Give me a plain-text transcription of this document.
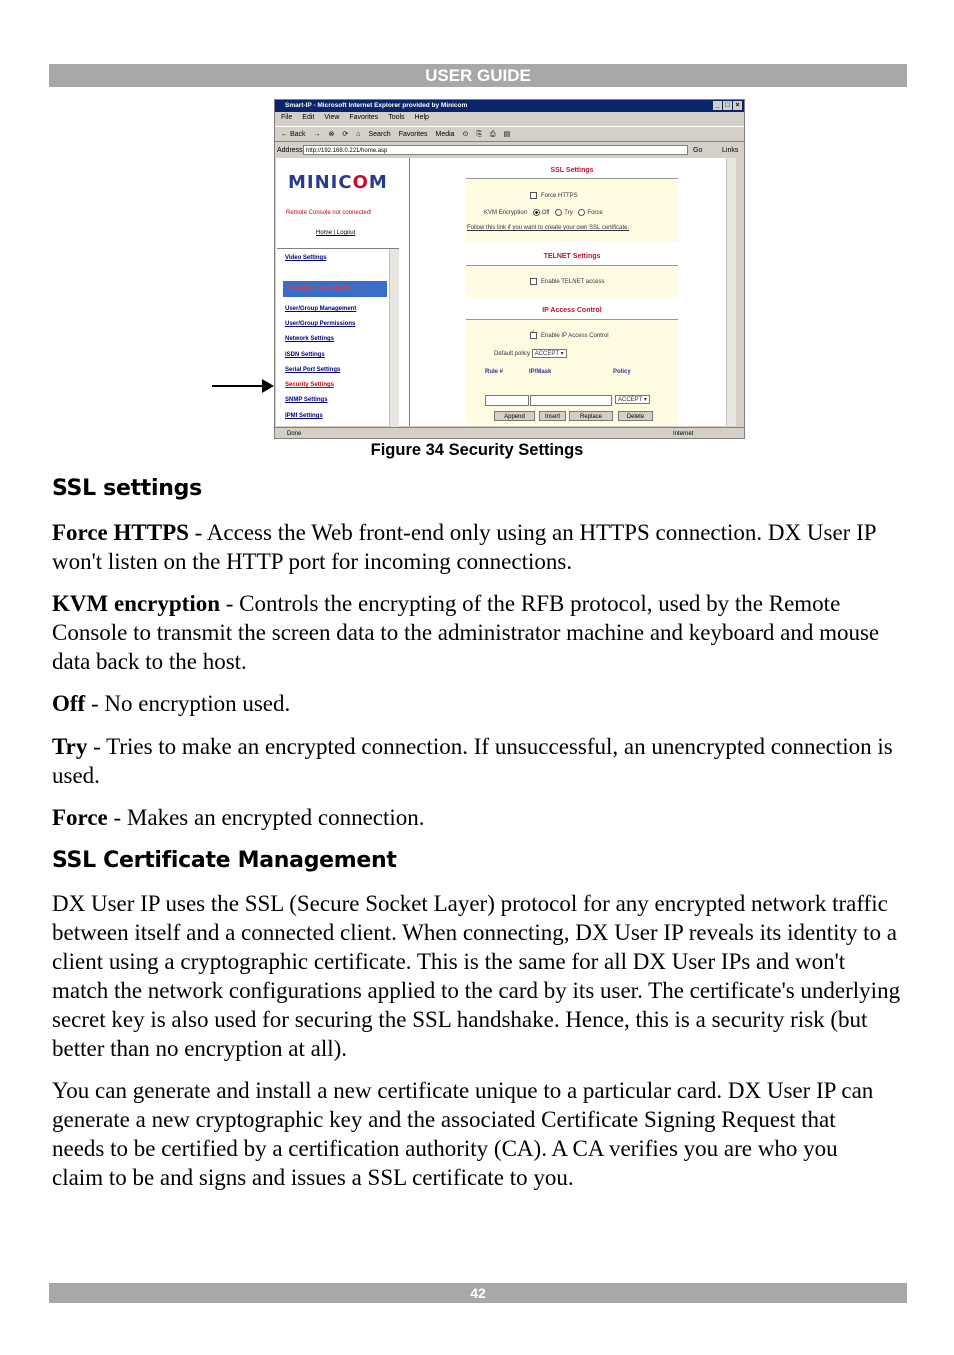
USER GUIDE
Smart-IP - Microsoft Internet Explorer provided by Minicom	_ □ ×
File Edit View Favorites Tools Help
← Back → ⊗ ⟳ ⌂ Search Favorites Media ⊙ ⎘ ⎙ ▤
Address http://192.168.0.221/home.asp	Go	Links
MINICOM
Remote Console not connected!
Home | Logout
Video Settings
Security Administration
User/Group Management
User/Group Permissions
Network Settings
ISDN Settings
Serial Port Settings
Security Settings
SNMP Settings
IPMI Settings
SSL Settings
Force HTTPS
KVM Encryption Off Try Force
Follow this link if you want to create your own SSL certificate.
TELNET Settings
Enable TELNET access
IP Access Control
✓Enable IP Access Control
Default policy ACCEPT ▾
Rule #	IP/Mask	Policy
ACCEPT ▾
Append	Insert	Replace	Delete
Done	Internet
Figure 34 Security Settings
SSL settings

Force HTTPS - Access the Web front-end only using an HTTPS connection. DX User IP won't listen on the HTTP port for incoming connections.

KVM encryption - Controls the encrypting of the RFB protocol, used by the Remote Console to transmit the screen data to the administrator machine and keyboard and mouse data back to the host.

Off - No encryption used.

Try - Tries to make an encrypted connection. If unsuccessful, an unencrypted connection is used.

Force - Makes an encrypted connection.

SSL Certificate Management

DX User IP uses the SSL (Secure Socket Layer) protocol for any encrypted network traffic between itself and a connected client. When connecting, DX User IP reveals its identity to a client using a cryptographic certificate. This is the same for all DX User IPs and won't match the network configurations applied to the card by its user. The certificate's underlying secret key is also used for securing the SSL handshake. Hence, this is a security risk (but better than no encryption at all).

You can generate and install a new certificate unique to a particular card. DX User IP can generate a new cryptographic key and the associated Certificate Signing Request that needs to be certified by a certification authority (CA). A CA verifies you are who you claim to be and signs and issues a SSL certificate to you.

42
